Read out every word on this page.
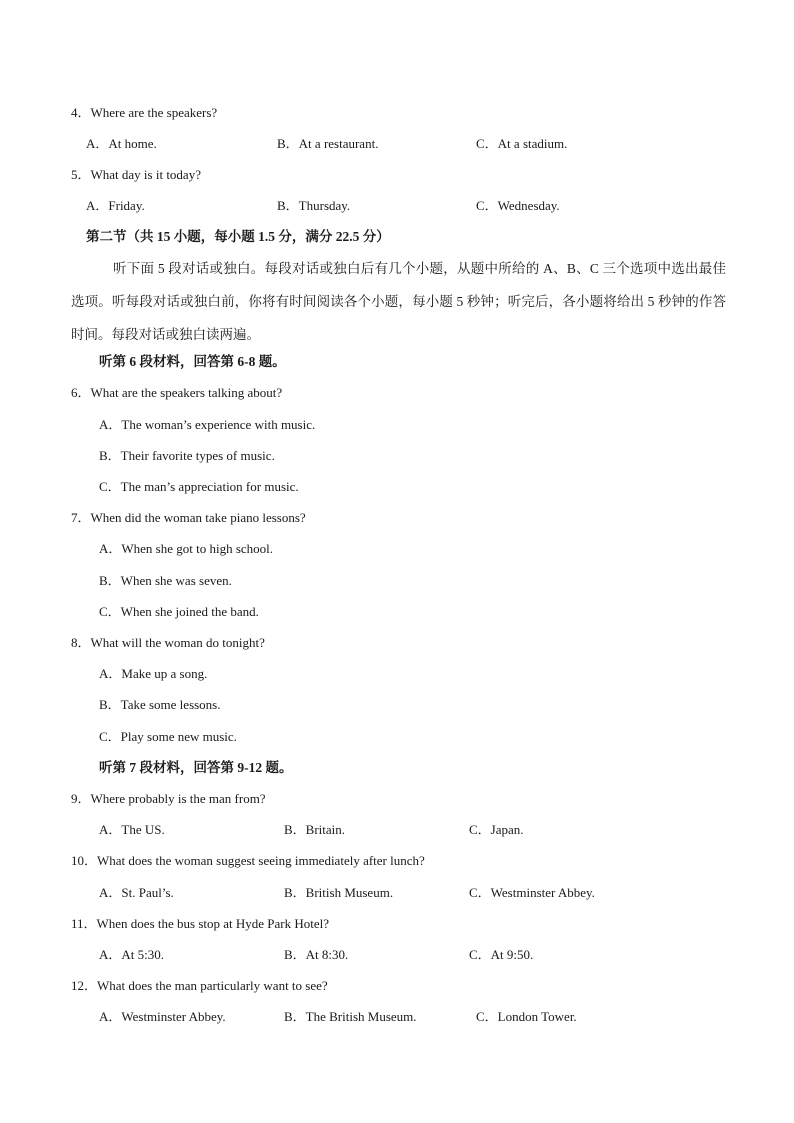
4．Where are the speakers?
A．At home.	B．At a restaurant.	C．At a stadium.
5．What day is it today?
A．Friday.	B．Thursday.	C．Wednesday.
第二节（共 15 小题，每小题 1.5 分，满分 22.5 分）
听下面 5 段对话或独白。每段对话或独白后有几个小题，从题中所给的 A、B、C 三个选项中选出最佳选项。听每段对话或独白前，你将有时间阅读各个小题，每小题 5 秒钟；听完后，各小题将给出 5 秒钟的作答时间。每段对话或独白读两遍。
听第 6 段材料，回答第 6-8 题。
6．What are the speakers talking about?
A．The woman’s experience with music.
B．Their favorite types of music.
C．The man’s appreciation for music.
7．When did the woman take piano lessons?
A．When she got to high school.
B．When she was seven.
C．When she joined the band.
8．What will the woman do tonight?
A．Make up a song.
B．Take some lessons.
C．Play some new music.
听第 7 段材料，回答第 9-12 题。
9．Where probably is the man from?
A．The US.	B．Britain.	C．Japan.
10．What does the woman suggest seeing immediately after lunch?
A．St. Paul’s.	B．British Museum.	C．Westminster Abbey.
11．When does the bus stop at Hyde Park Hotel?
A．At 5:30.	B．At 8:30.	C．At 9:50.
12．What does the man particularly want to see?
A．Westminster Abbey.	B．The British Museum.	C．London Tower.
